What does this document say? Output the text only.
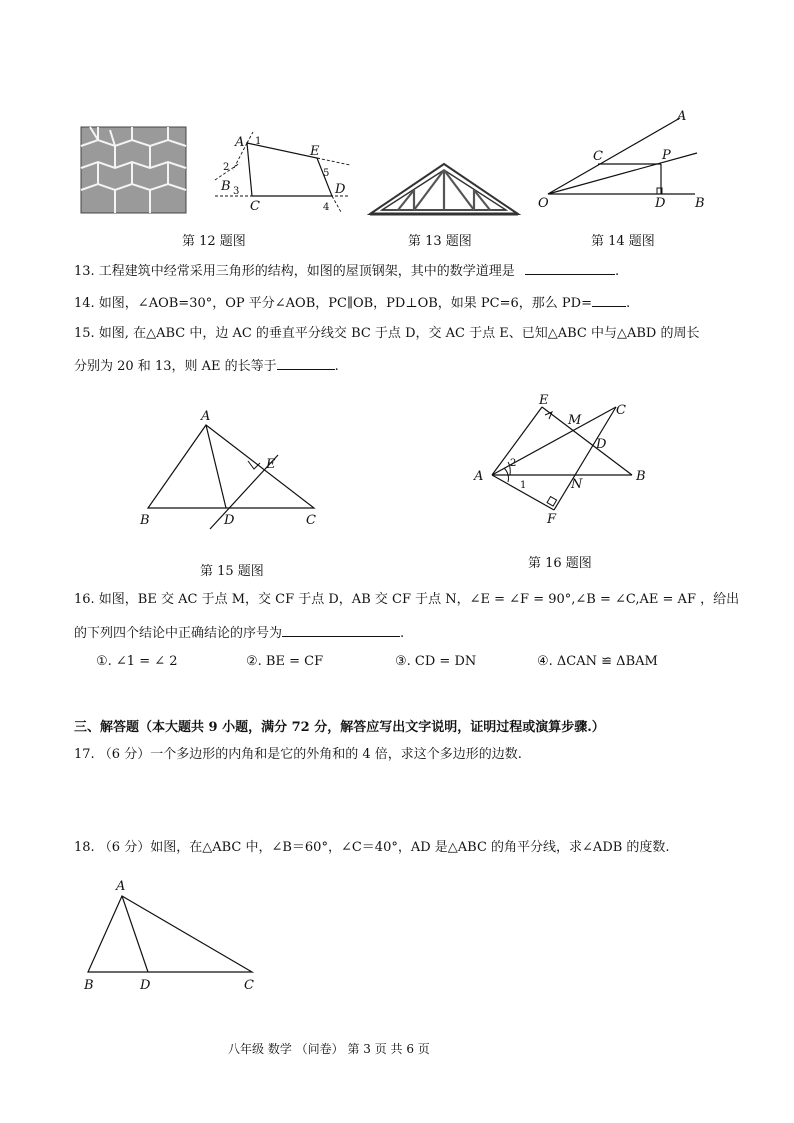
A
B
C
D
E
1
2
3
4
5
第 12 题图	第 13 题图
A
C	P
O	D B
第 14 题图
13. 工程建筑中经常采用三角形的结构，如图的屋顶钢架，其中的数学道理是	.
14. 如图，∠AOB=30°，OP 平分∠AOB，PC∥OB，PD⊥OB，如果 PC=6，那么 PD=	.
15. 如图, 在△ABC 中，边 AC 的垂直平分线交 BC 于点 D，交 AC 于点 E、已知△ABC 中与△ABD 的周长
分别为 20 和 13，则 AE 的长等于	.
A
B	D	C
E
第 15 题图
E
M
C
D
A	B
N
F
1
2
第 16 题图
16. 如图，BE 交 AC 于点 M，交 CF 于点 D，AB 交 CF 于点 N，∠E = ∠F = 90°,∠B = ∠C,AE = AF ，给出
的下列四个结论中正确结论的序号为	.
①. ∠1 = ∠ 2	②. BE = CF	③. CD = DN	④. ΔCAN ≌ ΔBAM
三、解答题（本大题共 9 小题，满分 72 分，解答应写出文字说明，证明过程或演算步骤.）
17. （6 分）一个多边形的内角和是它的外角和的 4 倍，求这个多边形的边数.
18. （6 分）如图，在△ABC 中，∠B＝60°，∠C＝40°，AD 是△ABC 的角平分线，求∠ADB 的度数.
A
B	D	C
八年级 数学 （问卷） 第 3 页 共 6 页
